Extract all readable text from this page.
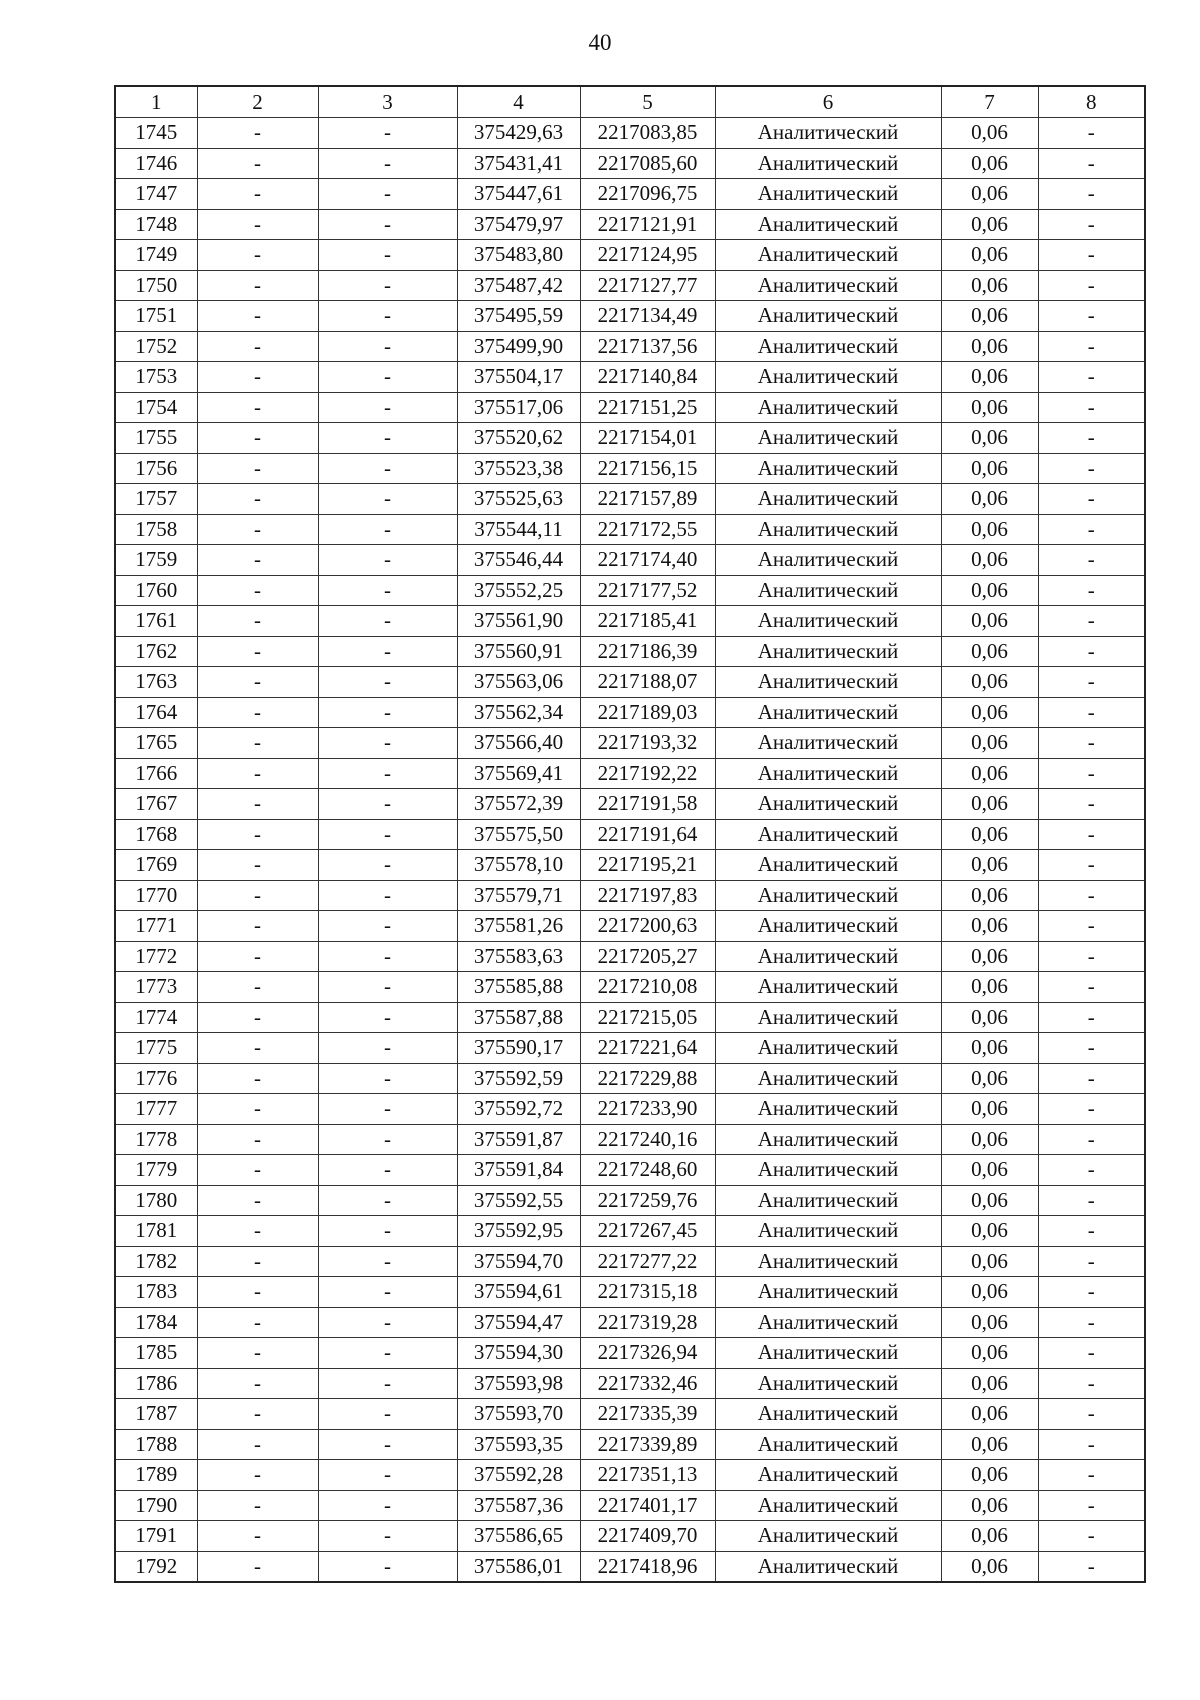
40
1	2	3	4	5	6	7	8
1745	-	-	375429,63	2217083,85	Аналитический	0,06	-
1746	-	-	375431,41	2217085,60	Аналитический	0,06	-
1747	-	-	375447,61	2217096,75	Аналитический	0,06	-
1748	-	-	375479,97	2217121,91	Аналитический	0,06	-
1749	-	-	375483,80	2217124,95	Аналитический	0,06	-
1750	-	-	375487,42	2217127,77	Аналитический	0,06	-
1751	-	-	375495,59	2217134,49	Аналитический	0,06	-
1752	-	-	375499,90	2217137,56	Аналитический	0,06	-
1753	-	-	375504,17	2217140,84	Аналитический	0,06	-
1754	-	-	375517,06	2217151,25	Аналитический	0,06	-
1755	-	-	375520,62	2217154,01	Аналитический	0,06	-
1756	-	-	375523,38	2217156,15	Аналитический	0,06	-
1757	-	-	375525,63	2217157,89	Аналитический	0,06	-
1758	-	-	375544,11	2217172,55	Аналитический	0,06	-
1759	-	-	375546,44	2217174,40	Аналитический	0,06	-
1760	-	-	375552,25	2217177,52	Аналитический	0,06	-
1761	-	-	375561,90	2217185,41	Аналитический	0,06	-
1762	-	-	375560,91	2217186,39	Аналитический	0,06	-
1763	-	-	375563,06	2217188,07	Аналитический	0,06	-
1764	-	-	375562,34	2217189,03	Аналитический	0,06	-
1765	-	-	375566,40	2217193,32	Аналитический	0,06	-
1766	-	-	375569,41	2217192,22	Аналитический	0,06	-
1767	-	-	375572,39	2217191,58	Аналитический	0,06	-
1768	-	-	375575,50	2217191,64	Аналитический	0,06	-
1769	-	-	375578,10	2217195,21	Аналитический	0,06	-
1770	-	-	375579,71	2217197,83	Аналитический	0,06	-
1771	-	-	375581,26	2217200,63	Аналитический	0,06	-
1772	-	-	375583,63	2217205,27	Аналитический	0,06	-
1773	-	-	375585,88	2217210,08	Аналитический	0,06	-
1774	-	-	375587,88	2217215,05	Аналитический	0,06	-
1775	-	-	375590,17	2217221,64	Аналитический	0,06	-
1776	-	-	375592,59	2217229,88	Аналитический	0,06	-
1777	-	-	375592,72	2217233,90	Аналитический	0,06	-
1778	-	-	375591,87	2217240,16	Аналитический	0,06	-
1779	-	-	375591,84	2217248,60	Аналитический	0,06	-
1780	-	-	375592,55	2217259,76	Аналитический	0,06	-
1781	-	-	375592,95	2217267,45	Аналитический	0,06	-
1782	-	-	375594,70	2217277,22	Аналитический	0,06	-
1783	-	-	375594,61	2217315,18	Аналитический	0,06	-
1784	-	-	375594,47	2217319,28	Аналитический	0,06	-
1785	-	-	375594,30	2217326,94	Аналитический	0,06	-
1786	-	-	375593,98	2217332,46	Аналитический	0,06	-
1787	-	-	375593,70	2217335,39	Аналитический	0,06	-
1788	-	-	375593,35	2217339,89	Аналитический	0,06	-
1789	-	-	375592,28	2217351,13	Аналитический	0,06	-
1790	-	-	375587,36	2217401,17	Аналитический	0,06	-
1791	-	-	375586,65	2217409,70	Аналитический	0,06	-
1792	-	-	375586,01	2217418,96	Аналитический	0,06	-
